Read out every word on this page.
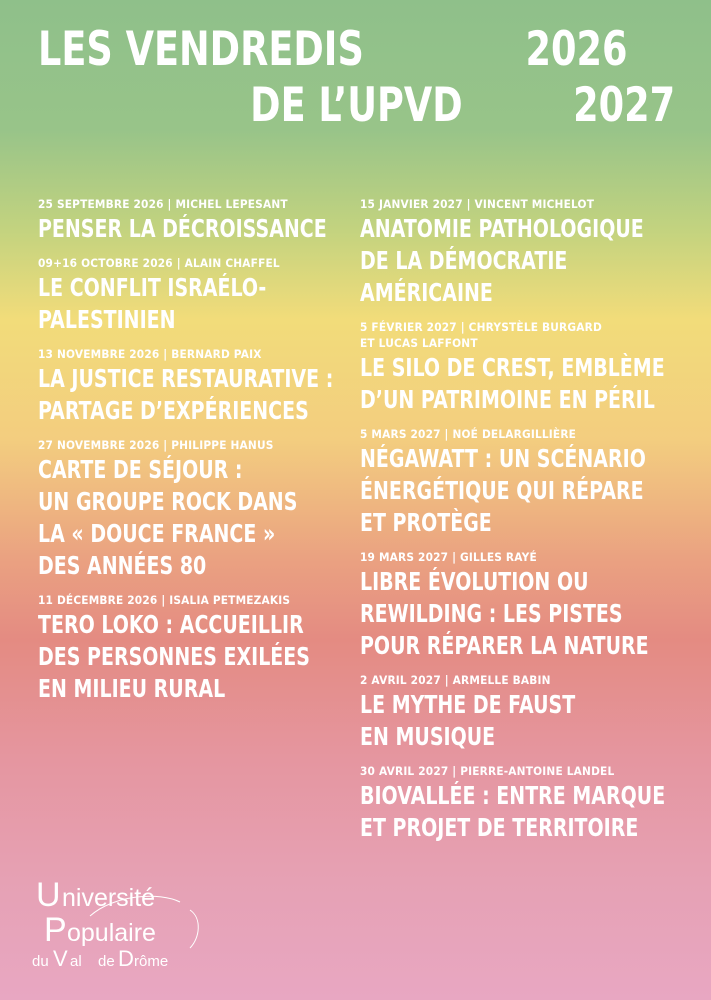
LES VENDREDIS	2026
DE L’UPVD 2027
25 SEPTEMBRE 2026 | MICHEL LEPESANT
PENSER LA DÉCROISSANCE
09+16 OCTOBRE 2026 | ALAIN CHAFFEL
LE CONFLIT ISRAÉLO-
PALESTINIEN
13 NOVEMBRE 2026 | BERNARD PAIX
LA JUSTICE RESTAURATIVE :
PARTAGE D’EXPÉRIENCES
27 NOVEMBRE 2026 | PHILIPPE HANUS
CARTE DE SÉJOUR :
UN GROUPE ROCK DANS
LA « DOUCE FRANCE »
DES ANNÉES 80
11 DÉCEMBRE 2026 | ISALIA PETMEZAKIS
TERO LOKO : ACCUEILLIR
DES PERSONNES EXILÉES
EN MILIEU RURAL
15 JANVIER 2027 | VINCENT MICHELOT
ANATOMIE PATHOLOGIQUE
DE LA DÉMOCRATIE
AMÉRICAINE
5 FÉVRIER 2027 | CHRYSTÈLE BURGARD
ET LUCAS LAFFONT
LE SILO DE CREST, EMBLÈME
D’UN PATRIMOINE EN PÉRIL
5 MARS 2027 | NOÉ DELARGILLIÈRE
NÉGAWATT : UN SCÉNARIO
ÉNERGÉTIQUE QUI RÉPARE
ET PROTÈGE
19 MARS 2027 | GILLES RAYÉ
LIBRE ÉVOLUTION OU
REWILDING : LES PISTES
POUR RÉPARER LA NATURE
2 AVRIL 2027 | ARMELLE BABIN
LE MYTHE DE FAUST
EN MUSIQUE
30 AVRIL 2027 | PIERRE-ANTOINE LANDEL
BIOVALLÉE : ENTRE MARQUE
ET PROJET DE TERRITOIRE
U niversité
P opulaire
du V al de D rôme
